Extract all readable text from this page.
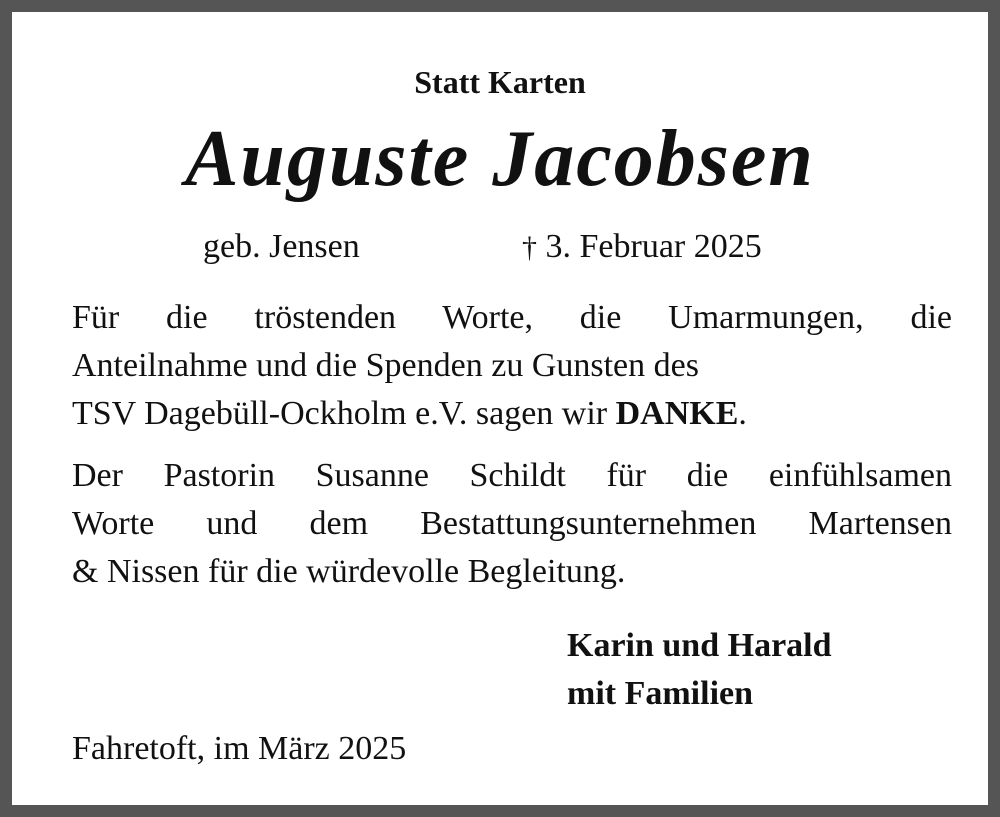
Statt Karten
Auguste Jacobsen
geb. Jensen	† 3. Februar 2025
Für die tröstenden Worte, die Umarmungen, die
Anteilnahme und die Spenden zu Gunsten des
TSV Dagebüll-Ockholm e.V. sagen wir DANKE.
Der Pastorin Susanne Schildt für die einfühlsamen
Worte und dem Bestattungsunternehmen Martensen
& Nissen für die würdevolle Begleitung.
Karin und Harald
mit Familien
Fahretoft, im März 2025
